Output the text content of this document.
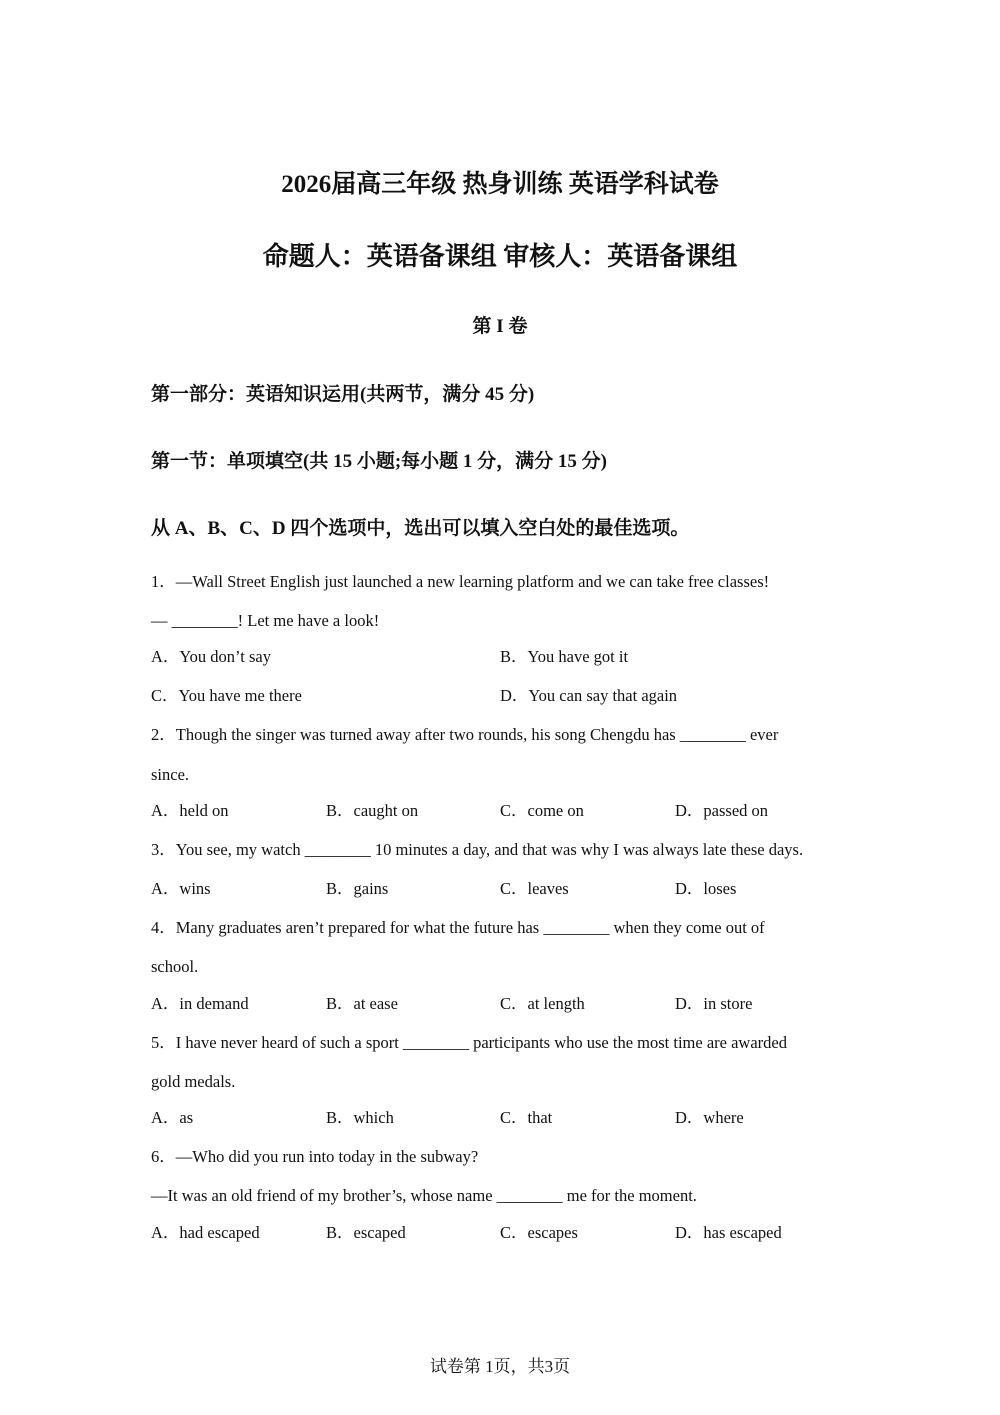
2026届高三年级 热身训练 英语学科试卷
命题人：英语备课组 审核人：英语备课组
第 I 卷
第一部分：英语知识运用(共两节，满分 45 分)
第一节：单项填空(共 15 小题;每小题 1 分，满分 15 分)
从 A、B、C、D 四个选项中，选出可以填入空白处的最佳选项。
1．—Wall Street English just launched a new learning platform and we can take free classes!
— ________! Let me have a look!
A．You don’t say	B．You have got it
C．You have me there	D．You can say that again
2．Though the singer was turned away after two rounds, his song Chengdu has ________ ever
since.
A．held on	B．caught on	C．come on	D．passed on
3．You see, my watch ________ 10 minutes a day, and that was why I was always late these days.
A．wins	B．gains	C．leaves	D．loses
4．Many graduates aren’t prepared for what the future has ________ when they come out of
school.
A．in demand	B．at ease	C．at length	D．in store
5．I have never heard of such a sport ________ participants who use the most time are awarded
gold medals.
A．as	B．which	C．that	D．where
6．—Who did you run into today in the subway?
—It was an old friend of my brother’s, whose name ________ me for the moment.
A．had escaped	B．escaped	C．escapes	D．has escaped
试卷第 1页，共3页
